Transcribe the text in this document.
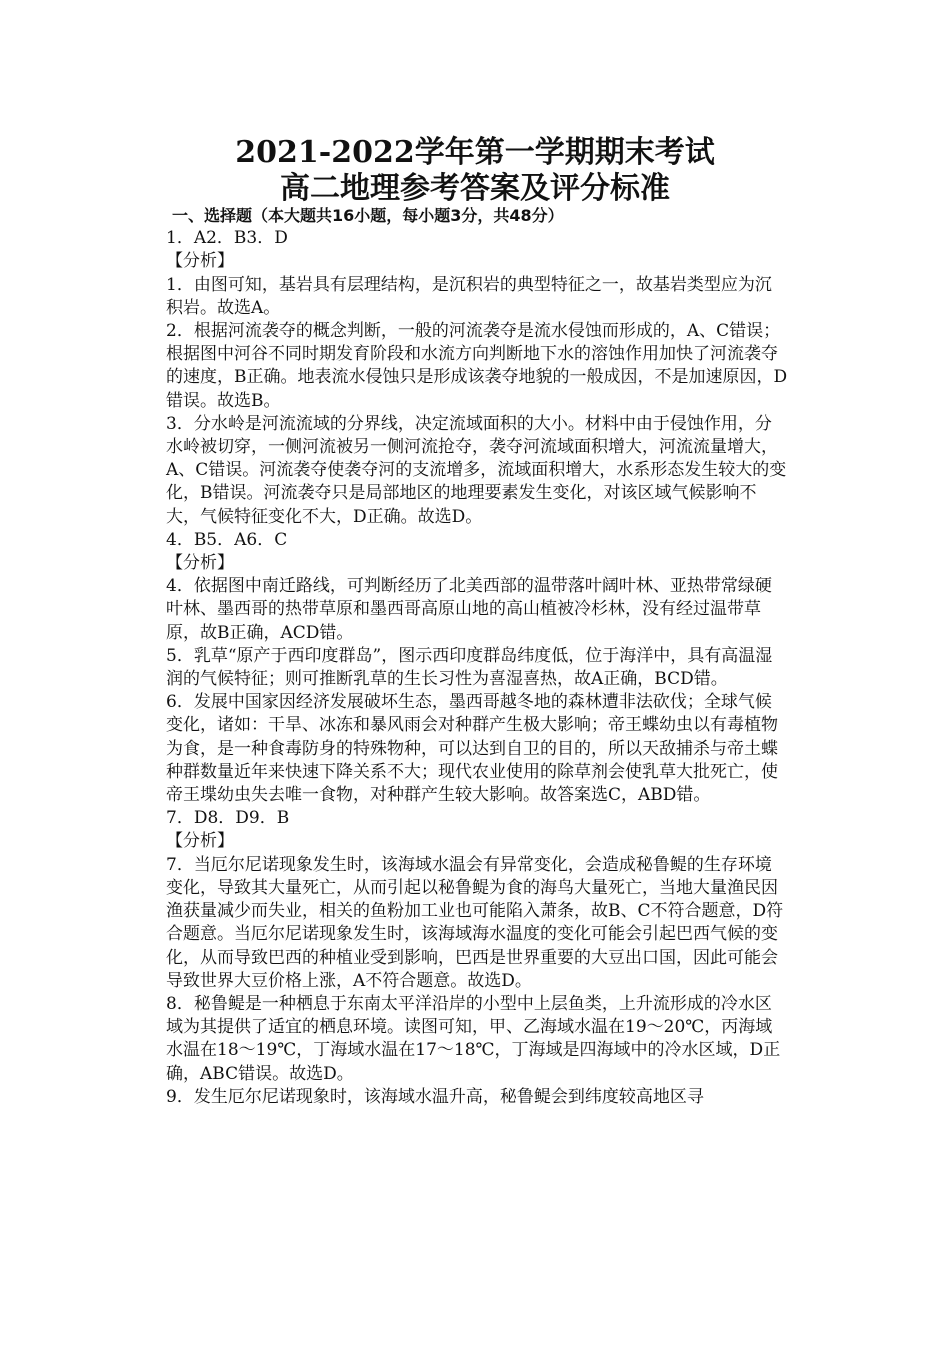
2021-2022学年第一学期期末考试
高二地理参考答案及评分标准

一、选择题（本大题共16小题，每小题3分，共48分）

1．A2．B3．D

【分析】

1．由图可知，基岩具有层理结构，是沉积岩的典型特征之一，故基岩类型应为沉积岩。故选A。

2．根据河流袭夺的概念判断，一般的河流袭夺是流水侵蚀而形成的，A、C错误；根据图中河谷不同时期发育阶段和水流方向判断地下水的溶蚀作用加快了河流袭夺的速度，B正确。地表流水侵蚀只是形成该袭夺地貌的一般成因，不是加速原因，D错误。故选B。

3．分水岭是河流流域的分界线，决定流域面积的大小。材料中由于侵蚀作用，分水岭被切穿，一侧河流被另一侧河流抢夺，袭夺河流域面积增大，河流流量增大，A、C错误。河流袭夺使袭夺河的支流增多，流域面积增大，水系形态发生较大的变化，B错误。河流袭夺只是局部地区的地理要素发生变化，对该区域气候影响不大，气候特征变化不大，D正确。故选D。

4．B5．A6．C

【分析】

4．依据图中南迁路线，可判断经历了北美西部的温带落叶阔叶林、亚热带常绿硬叶林、墨西哥的热带草原和墨西哥高原山地的高山植被冷杉林，没有经过温带草原，故B正确，ACD错。

5．乳草“原产于西印度群岛”，图示西印度群岛纬度低，位于海洋中，具有高温湿润的气候特征；则可推断乳草的生长习性为喜湿喜热，故A正确，BCD错。

6．发展中国家因经济发展破坏生态，墨西哥越冬地的森林遭非法砍伐；全球气候变化，诸如：干旱、冰冻和暴风雨会对种群产生极大影响；帝王蝶幼虫以有毒植物为食，是一种食毒防身的特殊物种，可以达到自卫的目的，所以天敌捕杀与帝土蝶种群数量近年来快速下降关系不大；现代农业使用的除草剂会使乳草大批死亡，使帝王堞幼虫失去唯一食物，对种群产生较大影响。故答案选C，ABD错。

7．D8．D9．B

【分析】

7．当厄尔尼诺现象发生时，该海域水温会有异常变化，会造成秘鲁鳀的生存环境变化，导致其大量死亡，从而引起以秘鲁鳀为食的海鸟大量死亡，当地大量渔民因渔获量减少而失业，相关的鱼粉加工业也可能陷入萧条，故B、C不符合题意，D符合题意。当厄尔尼诺现象发生时，该海域海水温度的变化可能会引起巴西气候的变化，从而导致巴西的种植业受到影响，巴西是世界重要的大豆出口国，因此可能会导致世界大豆价格上涨，A不符合题意。故选D。

8．秘鲁鳀是一种栖息于东南太平洋沿岸的小型中上层鱼类，上升流形成的冷水区域为其提供了适宜的栖息环境。读图可知，甲、乙海域水温在19～20℃，丙海域水温在18～19℃，丁海域水温在17～18℃，丁海域是四海域中的冷水区域，D正确，ABC错误。故选D。

9．发生厄尔尼诺现象时，该海域水温升高，秘鲁鳀会到纬度较高地区寻
